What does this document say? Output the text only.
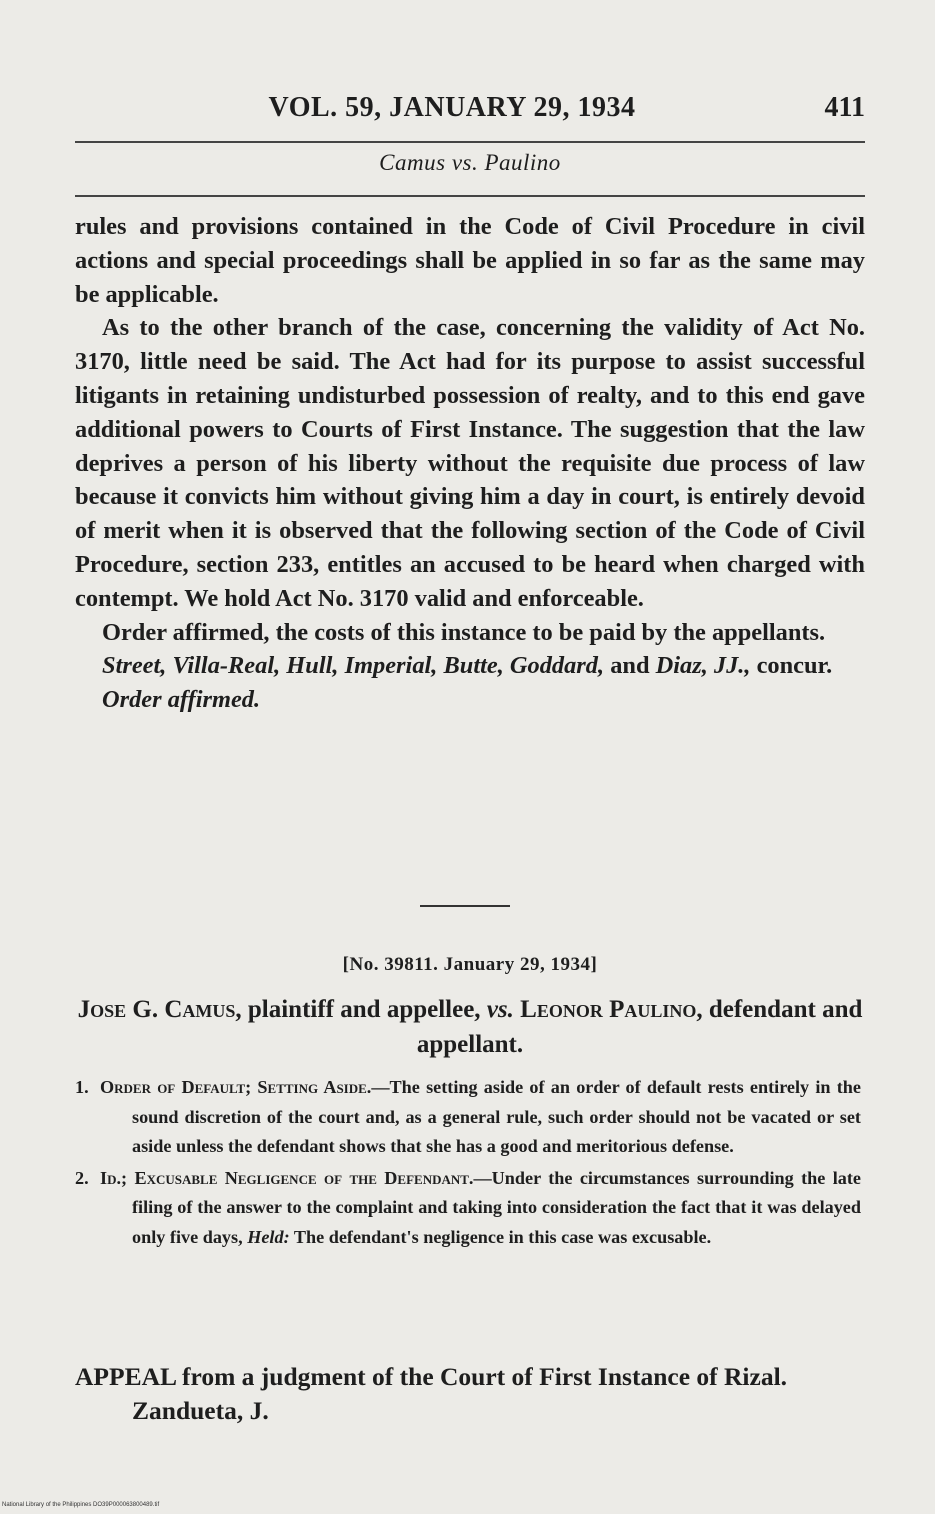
VOL. 59, JANUARY 29, 1934	411
Camus vs. Paulino

rules and provisions contained in the Code of Civil Procedure in civil actions and special proceedings shall be applied in so far as the same may be applicable.

As to the other branch of the case, concerning the validity of Act No. 3170, little need be said. The Act had for its purpose to assist successful litigants in retaining undisturbed possession of realty, and to this end gave additional powers to Courts of First Instance. The suggestion that the law deprives a person of his liberty without the requisite due process of law because it convicts him without giving him a day in court, is entirely devoid of merit when it is observed that the following section of the Code of Civil Procedure, section 233, entitles an accused to be heard when charged with contempt. We hold Act No. 3170 valid and enforceable.

Order affirmed, the costs of this instance to be paid by the appellants.

Street, Villa-Real, Hull, Imperial, Butte, Goddard, and Diaz, JJ., concur.

Order affirmed.

[No. 39811. January 29, 1934]
Jose G. Camus, plaintiff and appellee, vs. Leonor Paulino, defendant and appellant.

1. Order of Default; Setting Aside.—The setting aside of an order of default rests entirely in the sound discretion of the court and, as a general rule, such order should not be vacated or set aside unless the defendant shows that she has a good and meritorious defense.

2. Id.; Excusable Negligence of the Defendant.—Under the circumstances surrounding the late filing of the answer to the complaint and taking into consideration the fact that it was delayed only five days, Held: The defendant's negligence in this case was excusable.

APPEAL from a judgment of the Court of First Instance of Rizal. Zandueta, J.

National Library of the Philippines DO39P000063800489.tif
